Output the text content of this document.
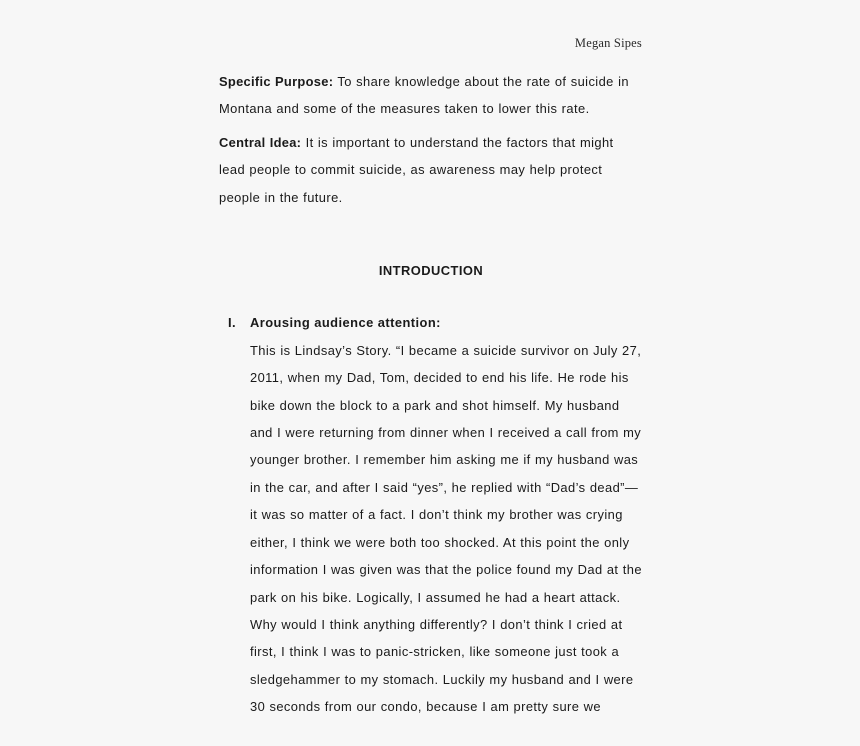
Megan Sipes

Specific Purpose: To share knowledge about the rate of suicide in Montana and some of the measures taken to lower this rate.

Central Idea: It is important to understand the factors that might lead people to commit suicide, as awareness may help protect people in the future.

INTRODUCTION

I. Arousing audience attention:

This is Lindsay’s Story. “I became a suicide survivor on July 27, 2011, when my Dad, Tom, decided to end his life. He rode his bike down the block to a park and shot himself. My husband and I were returning from dinner when I received a call from my younger brother. I remember him asking me if my husband was in the car, and after I said “yes”, he replied with “Dad’s dead”—it was so matter of a fact. I don’t think my brother was crying either, I think we were both too shocked. At this point the only information I was given was that the police found my Dad at the park on his bike. Logically, I assumed he had a heart attack. Why would I think anything differently? I don’t think I cried at first, I think I was to panic-stricken, like someone just took a sledgehammer to my stomach. Luckily my husband and I were 30 seconds from our condo, because I am pretty sure we
